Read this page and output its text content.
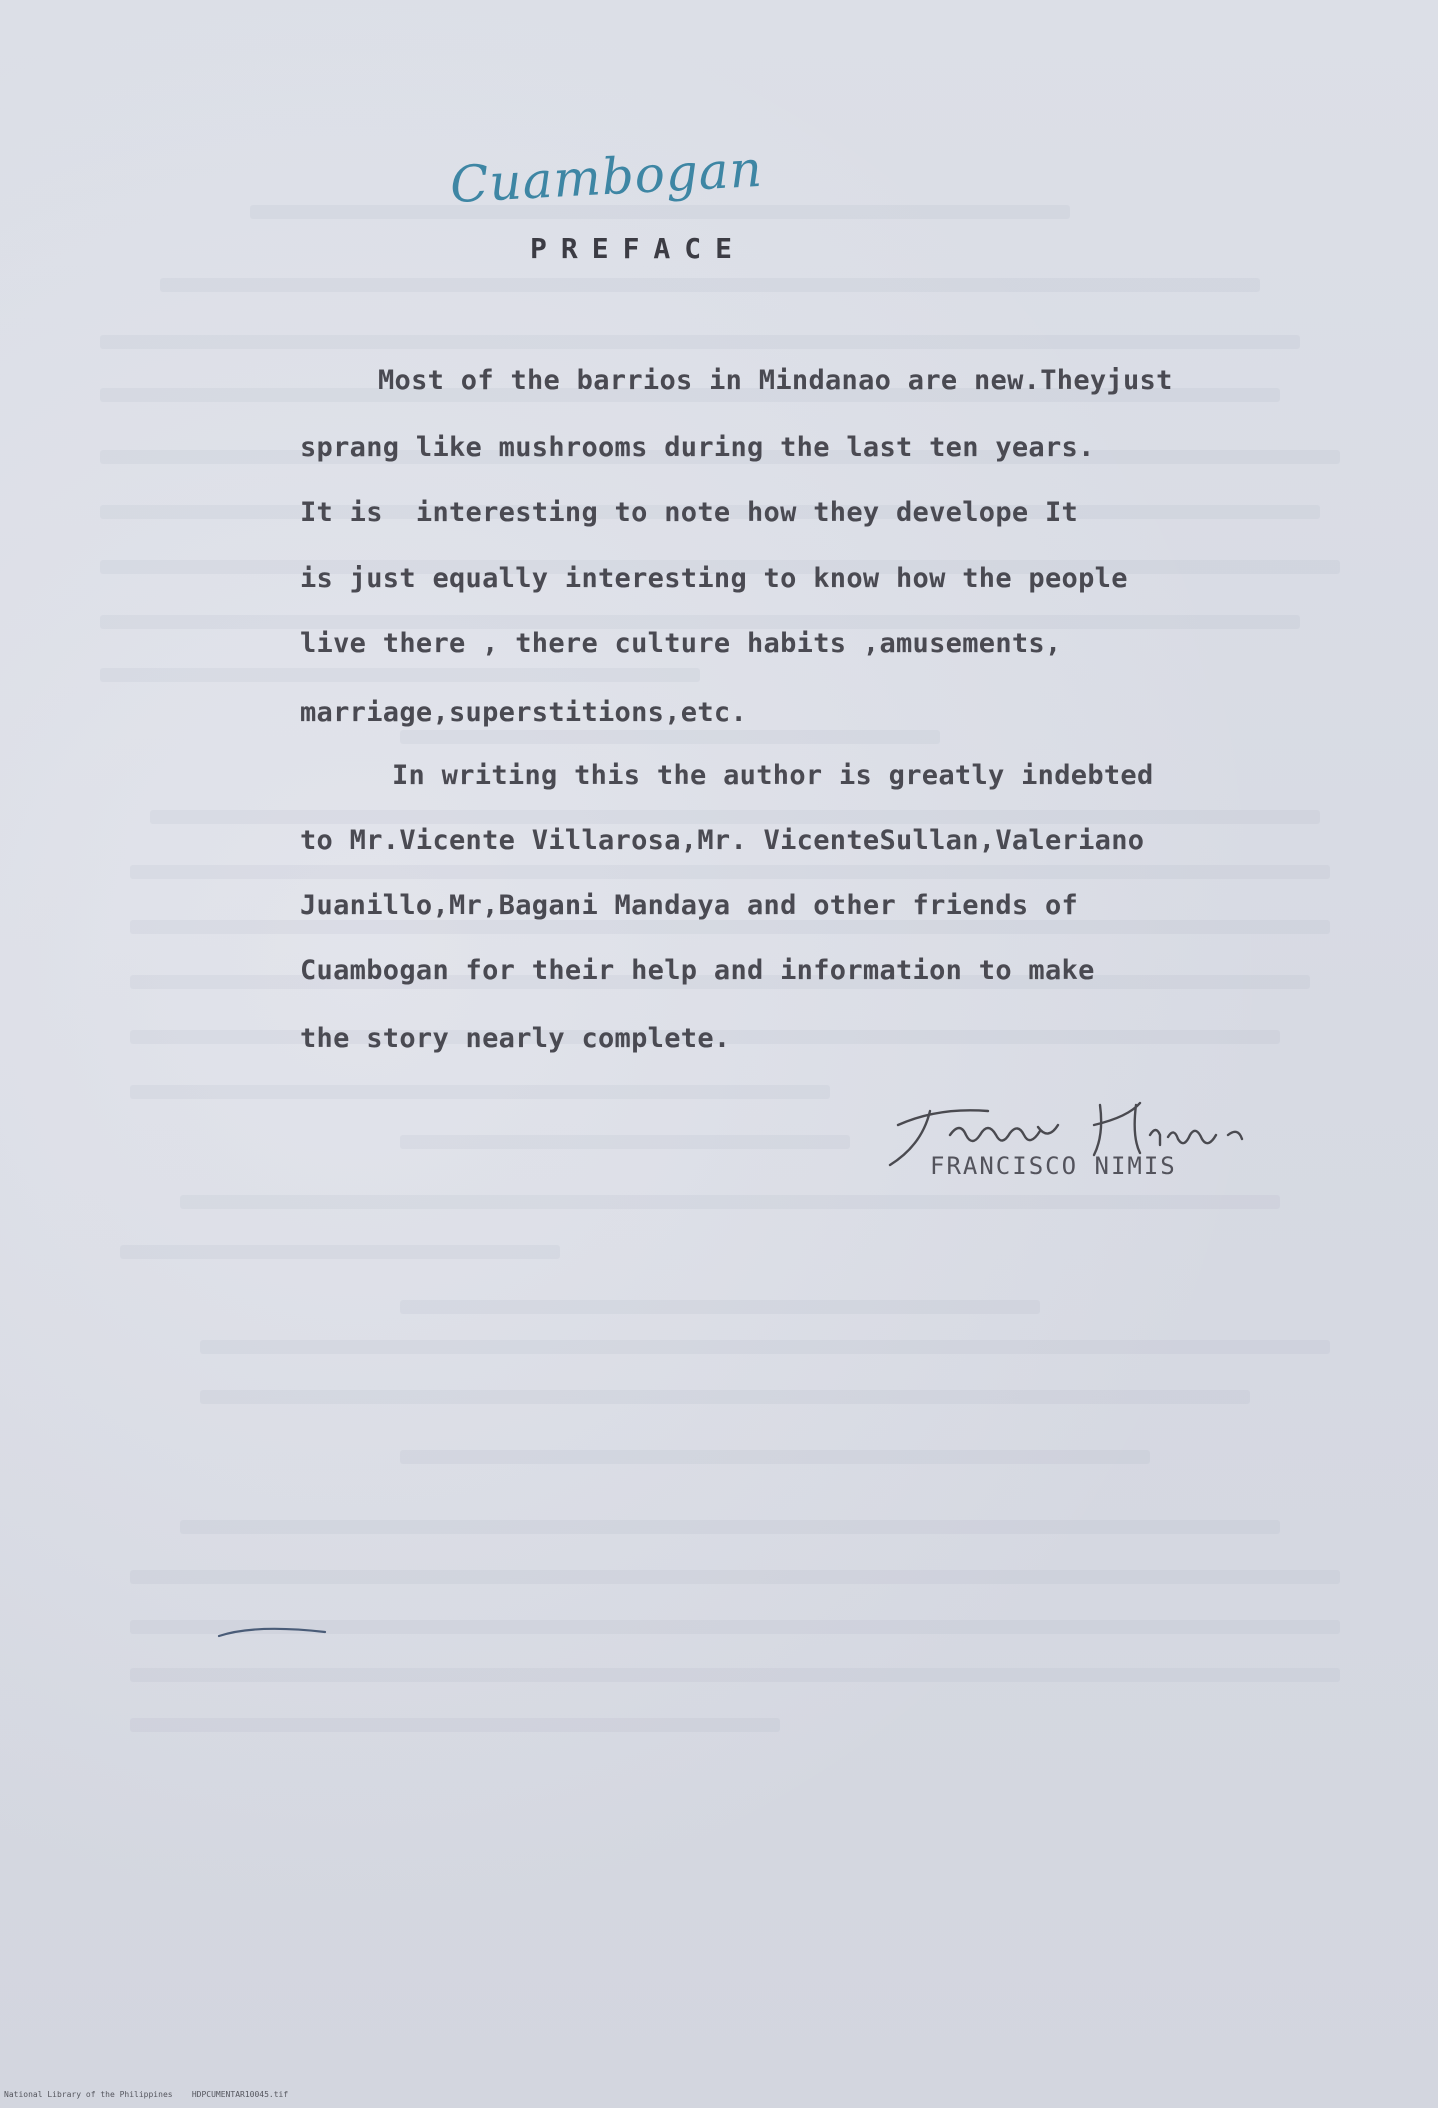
Cuambogan
PREFACE
Most of the barrios in Mindanao are new.Theyjust
sprang like mushrooms during the last ten years.
It is  interesting to note how they develope It
is just equally interesting to know how the people
live there , there culture habits ,amusements,
marriage,superstitions,etc.
In writing this the author is greatly indebted
to Mr.Vicente Villarosa,Mr. VicenteSullan,Valeriano
Juanillo,Mr,Bagani Mandaya and other friends of
Cuambogan for their help and information to make
the story nearly complete.
FRANCISCO NIMIS
National Library of the Philippines HDPCUMENTAR10045.tif
